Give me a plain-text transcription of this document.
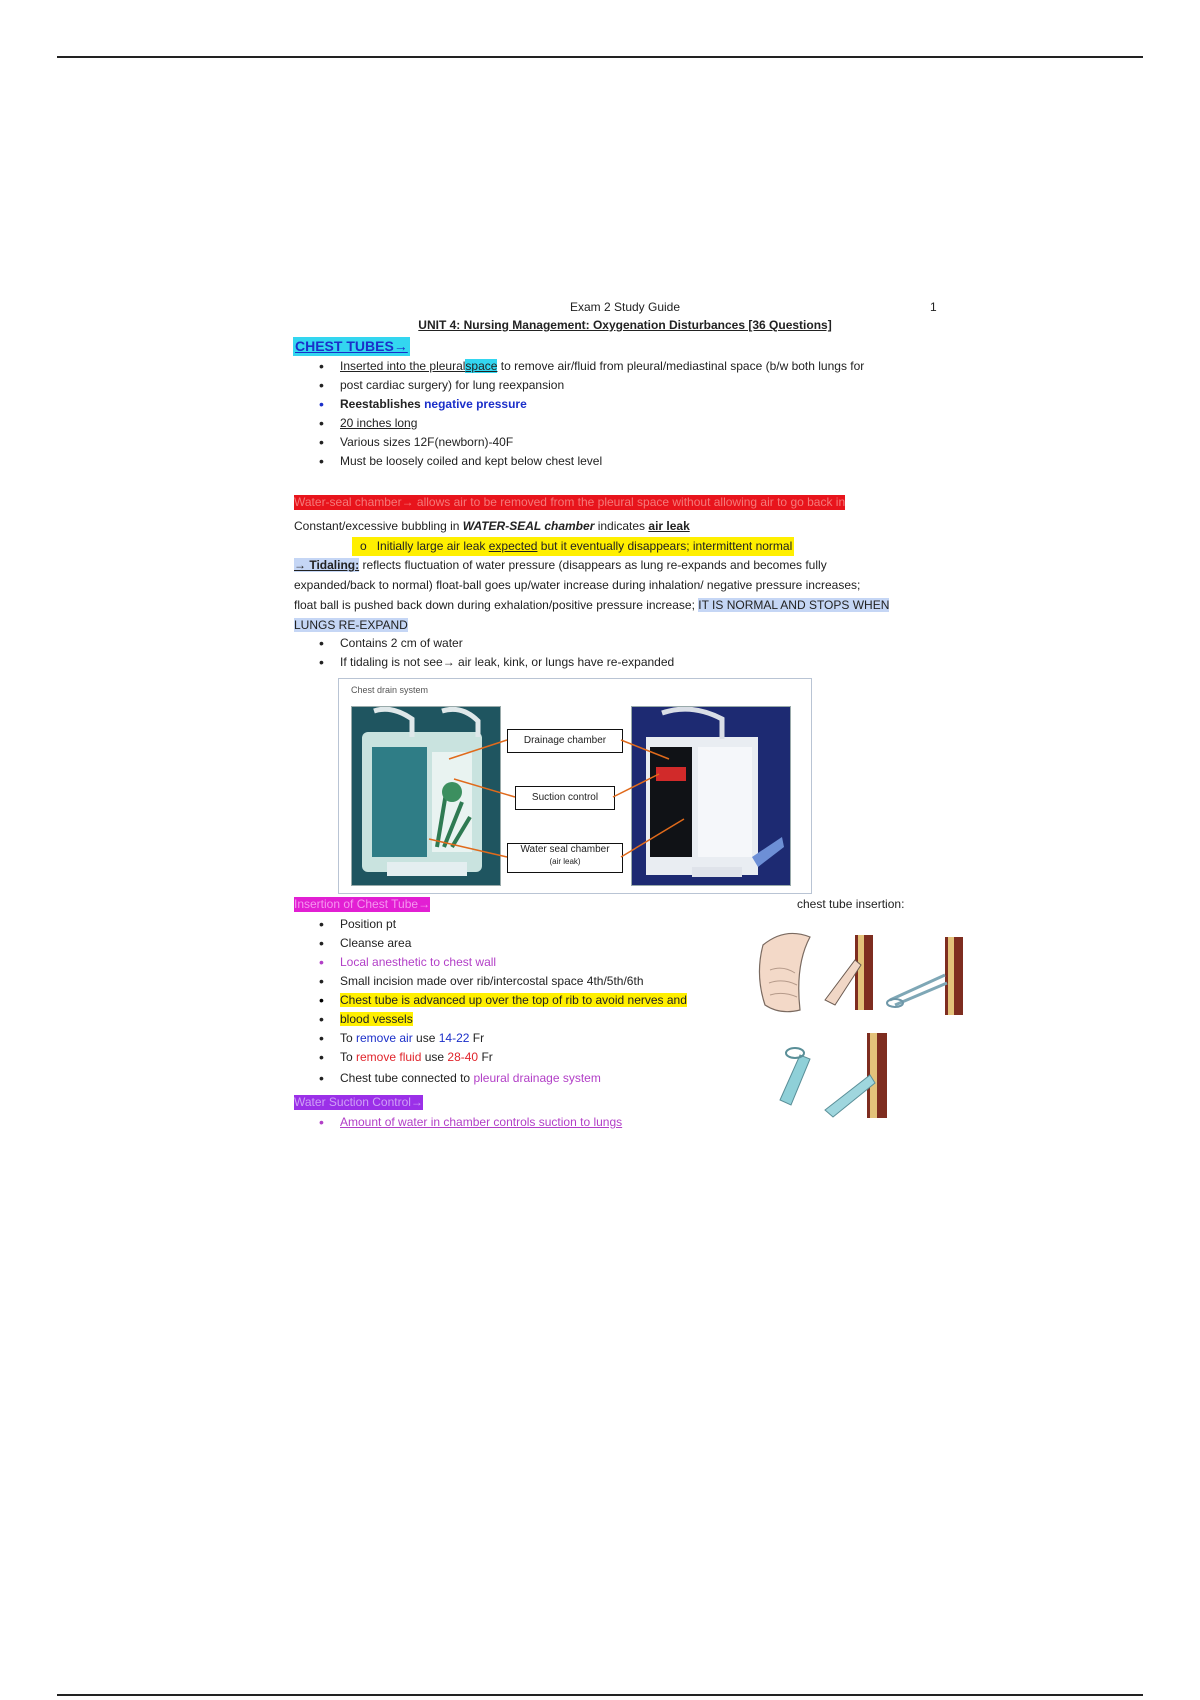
Exam 2 Study Guide	1
UNIT 4: Nursing Management: Oxygenation Disturbances [36 Questions]
CHEST TUBES→
• Inserted into the pleuralspace to remove air/fluid from pleural/mediastinal space (b/w both lungs for
• post cardiac surgery) for lung reexpansion
• Reestablishes negative pressure
• 20 inches long
• Various sizes 12F(newborn)-40F
• Must be loosely coiled and kept below chest level
Water-seal chamber→ allows air to be removed from the pleural space without allowing air to go back in
Constant/excessive bubbling in WATER-SEAL chamber indicates air leak
o Initially large air leak expected but it eventually disappears; intermittent normal
→ Tidaling: reflects fluctuation of water pressure (disappears as lung re-expands and becomes fully
expanded/back to normal) float-ball goes up/water increase during inhalation/ negative pressure increases;
float ball is pushed back down during exhalation/positive pressure increase; IT IS NORMAL AND STOPS WHEN
LUNGS RE-EXPAND
• Contains 2 cm of water
• If tidaling is not see→ air leak, kink, or lungs have re-expanded
Chest drain system
Drainage chamber
Suction control
Water seal chamber
(air leak)
Insertion of Chest Tube→	chest tube insertion:
• Position pt
• Cleanse area
• Local anesthetic to chest wall
• Small incision made over rib/intercostal space 4th/5th/6th
• Chest tube is advanced up over the top of rib to avoid nerves and
• blood vessels
• To remove air use 14-22 Fr
• To remove fluid use 28-40 Fr
• Chest tube connected to pleural drainage system
Water Suction Control→
• Amount of water in chamber controls suction to lungs
